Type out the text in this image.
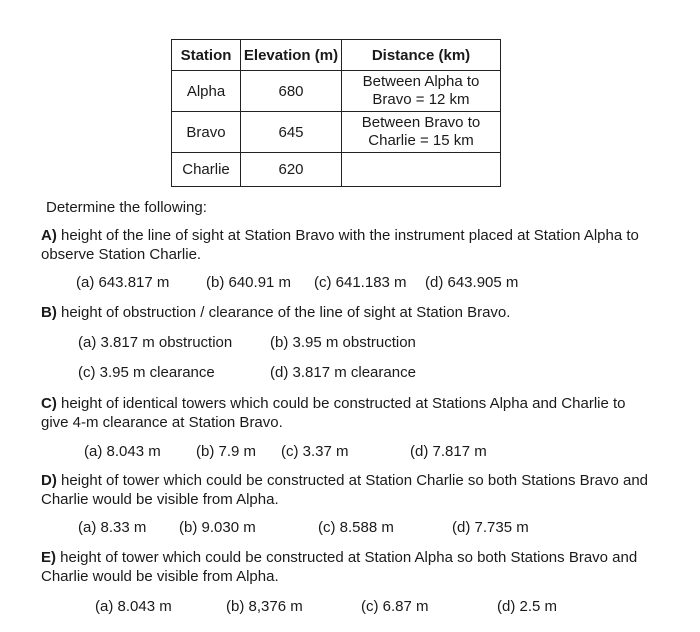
Station	Elevation (m)	Distance (km)
Alpha	680	Between Alpha to
Bravo = 12 km

Bravo	645	Between Bravo to
Charlie = 15 km

Charlie	620	
Determine the following:
A) height of the line of sight at Station Bravo with the instrument placed at Station Alpha to observe Station Charlie.
(a) 643.817 m (b) 640.91 m (c) 641.183 m (d) 643.905 m
B) height of obstruction / clearance of the line of sight at Station Bravo.
(a) 3.817 m obstruction	(b) 3.95 m obstruction
(c) 3.95 m clearance	(d) 3.817 m clearance
C) height of identical towers which could be constructed at Stations Alpha and Charlie to give 4-m clearance at Station Bravo.
(a) 8.043 m (b) 7.9 m (c) 3.37 m	(d) 7.817 m
D) height of tower which could be constructed at Station Charlie so both Stations Bravo and Charlie would be visible from Alpha.
(a) 8.33 m (b) 9.030 m	(c) 8.588 m	(d) 7.735 m
E) height of tower which could be constructed at Station Alpha so both Stations Bravo and Charlie would be visible from Alpha.
(a) 8.043 m	(b) 8,376 m	(c) 6.87 m	(d) 2.5 m
